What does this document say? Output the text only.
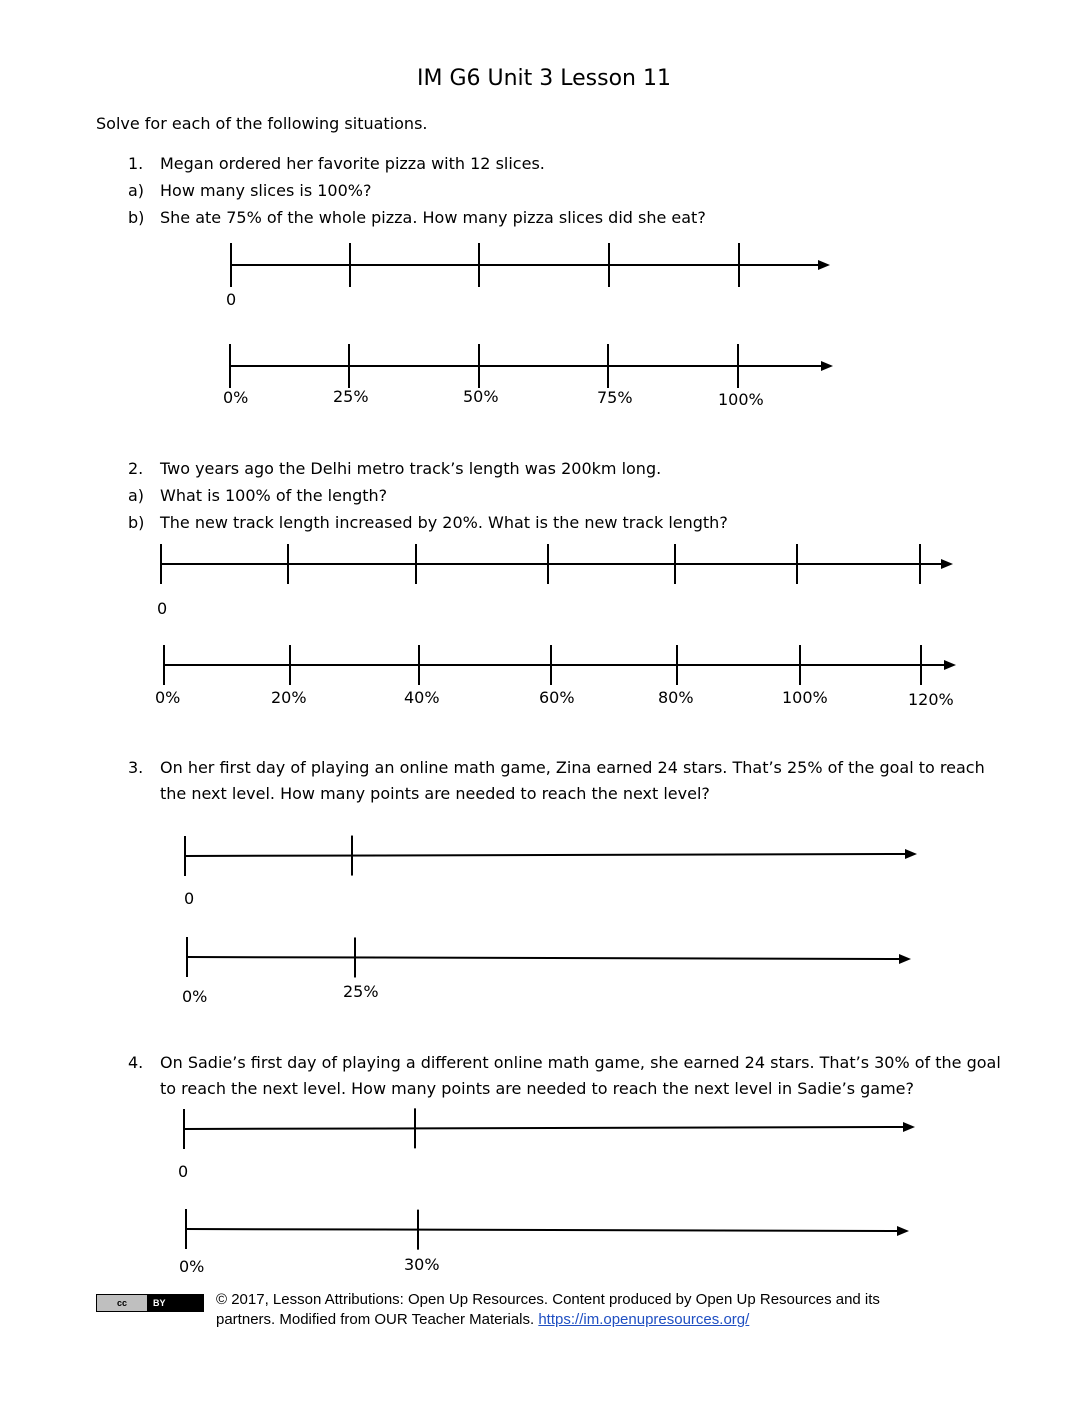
IM G6 Unit 3 Lesson 11
Solve for each of the following situations.
1. Megan ordered her favorite pizza with 12 slices.
a) How many slices is 100%?
b) She ate 75% of the whole pizza. How many pizza slices did she eat?
2. Two years ago the Delhi metro track’s length was 200km long.
a) What is 100% of the length?
b) The new track length increased by 20%. What is the new track length?
3. On her first day of playing an online math game, Zina earned 24 stars. That’s 25% of the goal to reach
the next level. How many points are needed to reach the next level?
4. On Sadie’s first day of playing a different online math game, she earned 24 stars. That’s 30% of the goal
to reach the next level. How many points are needed to reach the next level in Sadie’s game?
0
0%	25%	50%	75%	100%
0
0%	20%	40%	60%	80%	100%	120%
0
0%	25%
0
0%	30%
cc	BY	© 2017, Lesson Attributions: Open Up Resources. Content produced by Open Up Resources and its
partners. Modified from OUR Teacher Materials. https://im.openupresources.org/
